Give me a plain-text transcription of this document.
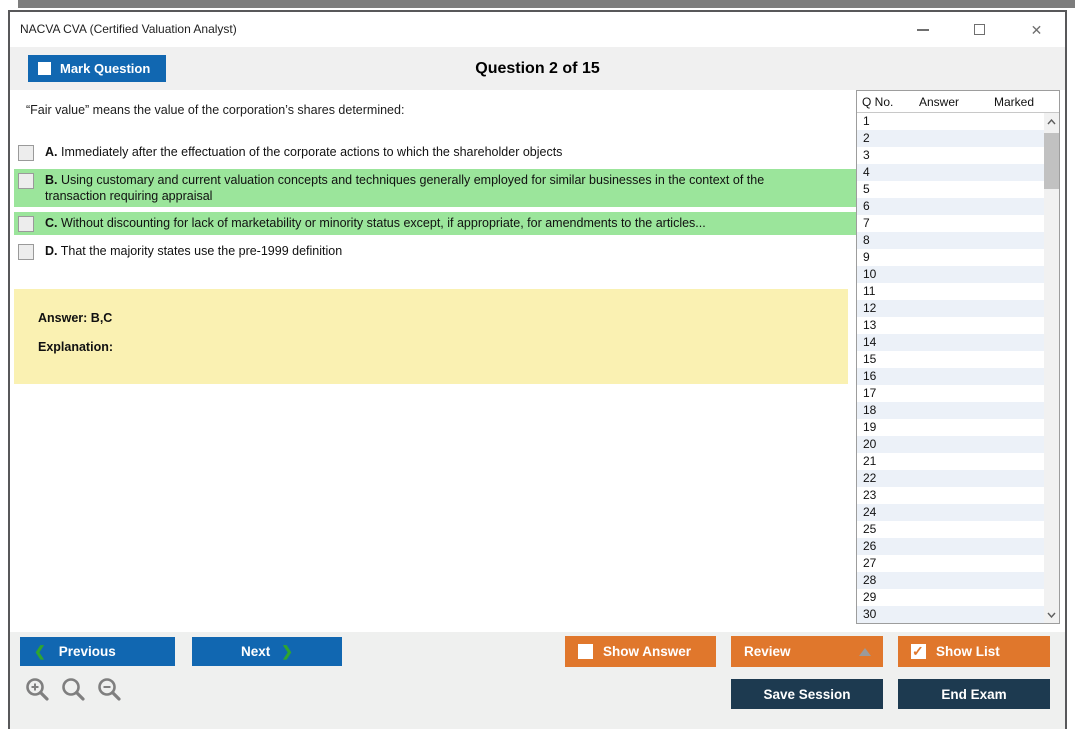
NACVA CVA (Certified Valuation Analyst)	✕
Mark Question	Question 2 of 15
“Fair value” means the value of the corporation’s shares determined:
A. Immediately after the effectuation of the corporate actions to which the shareholder objects
B. Using customary and current valuation concepts and techniques generally employed for similar businesses in the context of the transaction requiring appraisal
C. Without discounting for lack of marketability or minority status except, if appropriate, for amendments to the articles...
D. That the majority states use the pre-1999 definition
Answer: B,C
Explanation:
Q No.	Answer	Marked
1
2
3
4
5
6
7
8
9
10
11
12
13
14
15
16
17
18
19
20
21
22
23
24
25
26
27
28
29
30
❮ Previous	Next ❯	Show Answer	Review ✓	Show List
Save Session	End Exam
